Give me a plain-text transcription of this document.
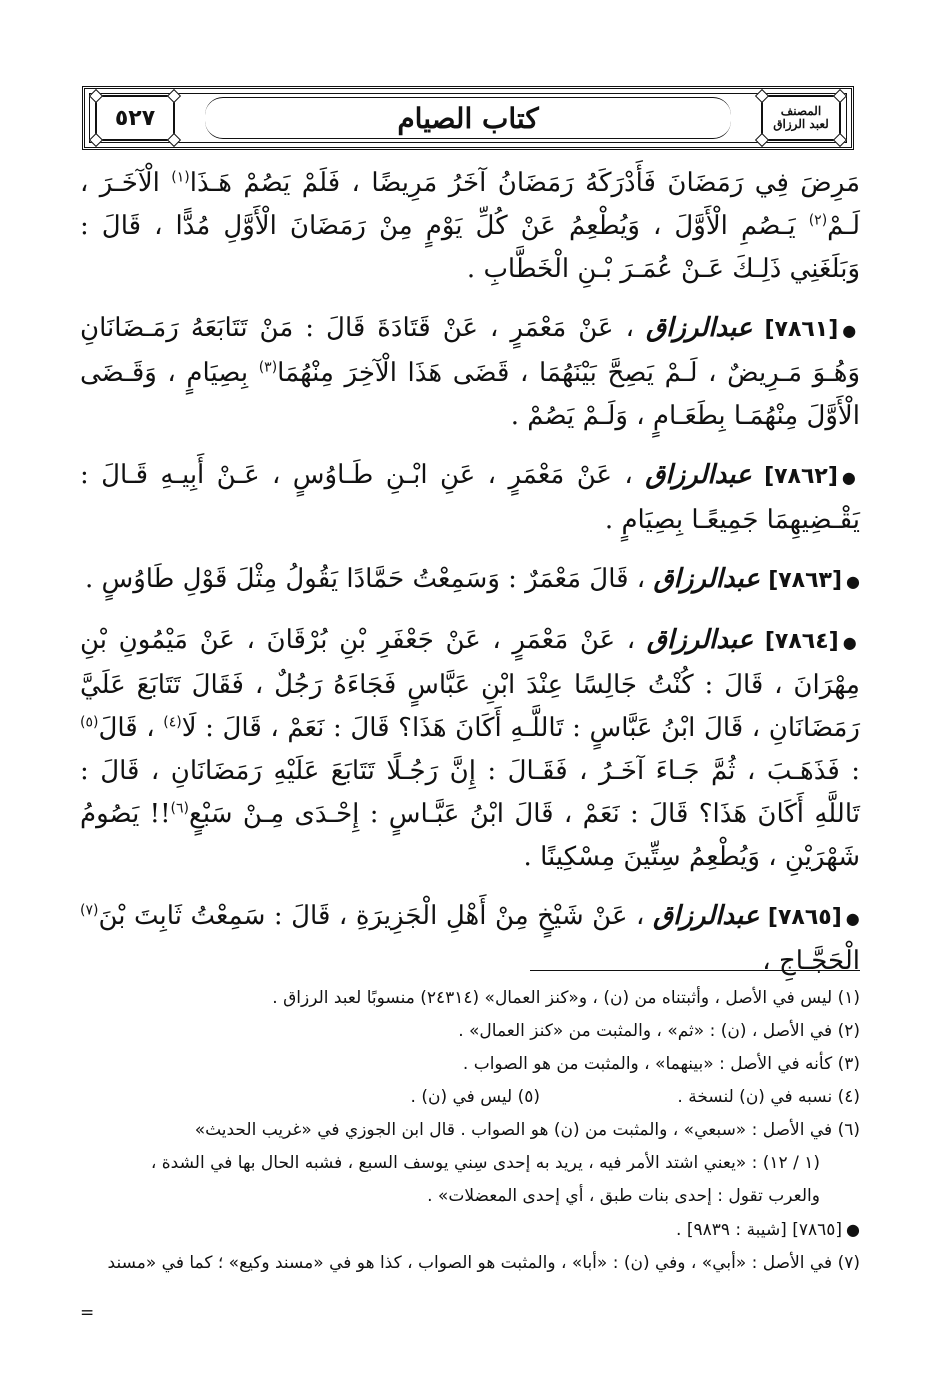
٥٢٧	كتاب الصيام	المصنف
لعبد الرزاق

مَرِضَ فِي رَمَضَانَ فَأَدْرَكَهُ رَمَضَانُ آخَرُ مَرِيضًا ، فَلَمْ يَصُمْ هَـذَا$^{(١)}$ الْآخَـرَ ، لَـمْ$^{(٢)}$ يَـصُمِ الْأَوَّلَ ، وَيُطْعِمُ عَنْ كُلِّ يَوْمٍ مِنْ رَمَضَانَ الْأَوَّلِ مُدًّا ، قَالَ : وَبَلَغَنِي ذَلِـكَ عَـنْ عُمَـرَ بْـنِ الْخَطَّابِ .

●[٧٨٦١] عبدالرزاق ، عَنْ مَعْمَرٍ ، عَنْ قَتَادَةَ قَالَ : مَنْ تَتَابَعَهُ رَمَـضَانَانِ وَهُـوَ مَـرِيضٌ ، لَـمْ يَصِحَّ بَيْنَهُمَا ، قَضَى هَذَا الْآخِرَ مِنْهُمَا$^{(٣)}$ بِصِيَامٍ ، وَقَـضَى الْأَوَّلَ مِنْهُمَـا بِطَعَـامٍ ، وَلَـمْ يَصُمْ .

●[٧٨٦٢] عبدالرزاق ، عَنْ مَعْمَرٍ ، عَنِ ابْـنِ طَـاوُسٍ ، عَـنْ أَبِيـهِ قَـالَ : يَقْـضِيهِمَا جَمِيعًـا بِصِيَامٍ .

●[٧٨٦٣] عبدالرزاق ، قَالَ مَعْمَرٌ : وَسَمِعْتُ حَمَّادًا يَقُولُ مِثْلَ قَوْلِ طَاوُسٍ .

●[٧٨٦٤] عبدالرزاق ، عَنْ مَعْمَرٍ ، عَنْ جَعْفَرِ بْنِ بُرْقَانَ ، عَنْ مَيْمُونِ بْنِ مِهْرَانَ ، قَالَ : كُنْتُ جَالِسًا عِنْدَ ابْنِ عَبَّاسٍ فَجَاءَهُ رَجُلٌ ، فَقَالَ تَتَابَعَ عَلَيَّ رَمَضَانَانِ ، قَالَ ابْنُ عَبَّاسٍ : تَاللَّـهِ أَكَانَ هَذَا؟ قَالَ : نَعَمْ ، قَالَ : لَا$^{(٤)}$ ، قَالَ$^{(٥)}$ : فَذَهَـبَ ، ثُمَّ جَـاءَ آخَـرُ ، فَقَـالَ : إِنَّ رَجُـلًا تَتَابَعَ عَلَيْهِ رَمَضَانَانِ ، قَالَ : تَاللَّهِ أَكَانَ هَذَا؟ قَالَ : نَعَمْ ، قَالَ ابْنُ عَبَّـاسٍ : إِحْـدَى مِـنْ سَبْعٍ$^{(٦)}$!! يَصُومُ شَهْرَيْنِ ، وَيُطْعِمُ سِتِّينَ مِسْكِينًا .

●[٧٨٦٥] عبدالرزاق ، عَنْ شَيْخٍ مِنْ أَهْلِ الْجَزِيرَةِ ، قَالَ : سَمِعْتُ ثَابِتَ بْنَ$^{(٧)}$ الْحَجَّـاجِ ،

(١) ليس في الأصل ، وأثبتناه من (ن) ، و«كنز العمال» (٢٤٣١٤) منسوبًا لعبد الرزاق .
(٢) في الأصل ، (ن) : «ثم» ، والمثبت من «كنز العمال» .
(٣) كأنه في الأصل : «بينهما» ، والمثبت من هو الصواب .
(٤) نسبه في (ن) لنسخة .
(٥) ليس في (ن) .
(٦) في الأصل : «سبعي» ، والمثبت من (ن) هو الصواب . قال ابن الجوزي في «غريب الحديث»
(١ / ١٢) : «يعني اشتد الأمر فيه ، يريد به إحدى سِني يوسف السبع ، فشبه الحال بها في الشدة ،
والعرب تقول : إحدى بنات طبق ، أي إحدى المعضلات» .
●[٧٨٦٥] [شيبة : ٩٨٣٩] .
(٧) في الأصل : «أبي» ، وفي (ن) : «أبا» ، والمثبت هو الصواب ، كذا هو في «مسند وكيع» ؛ كما في «مسند
=
